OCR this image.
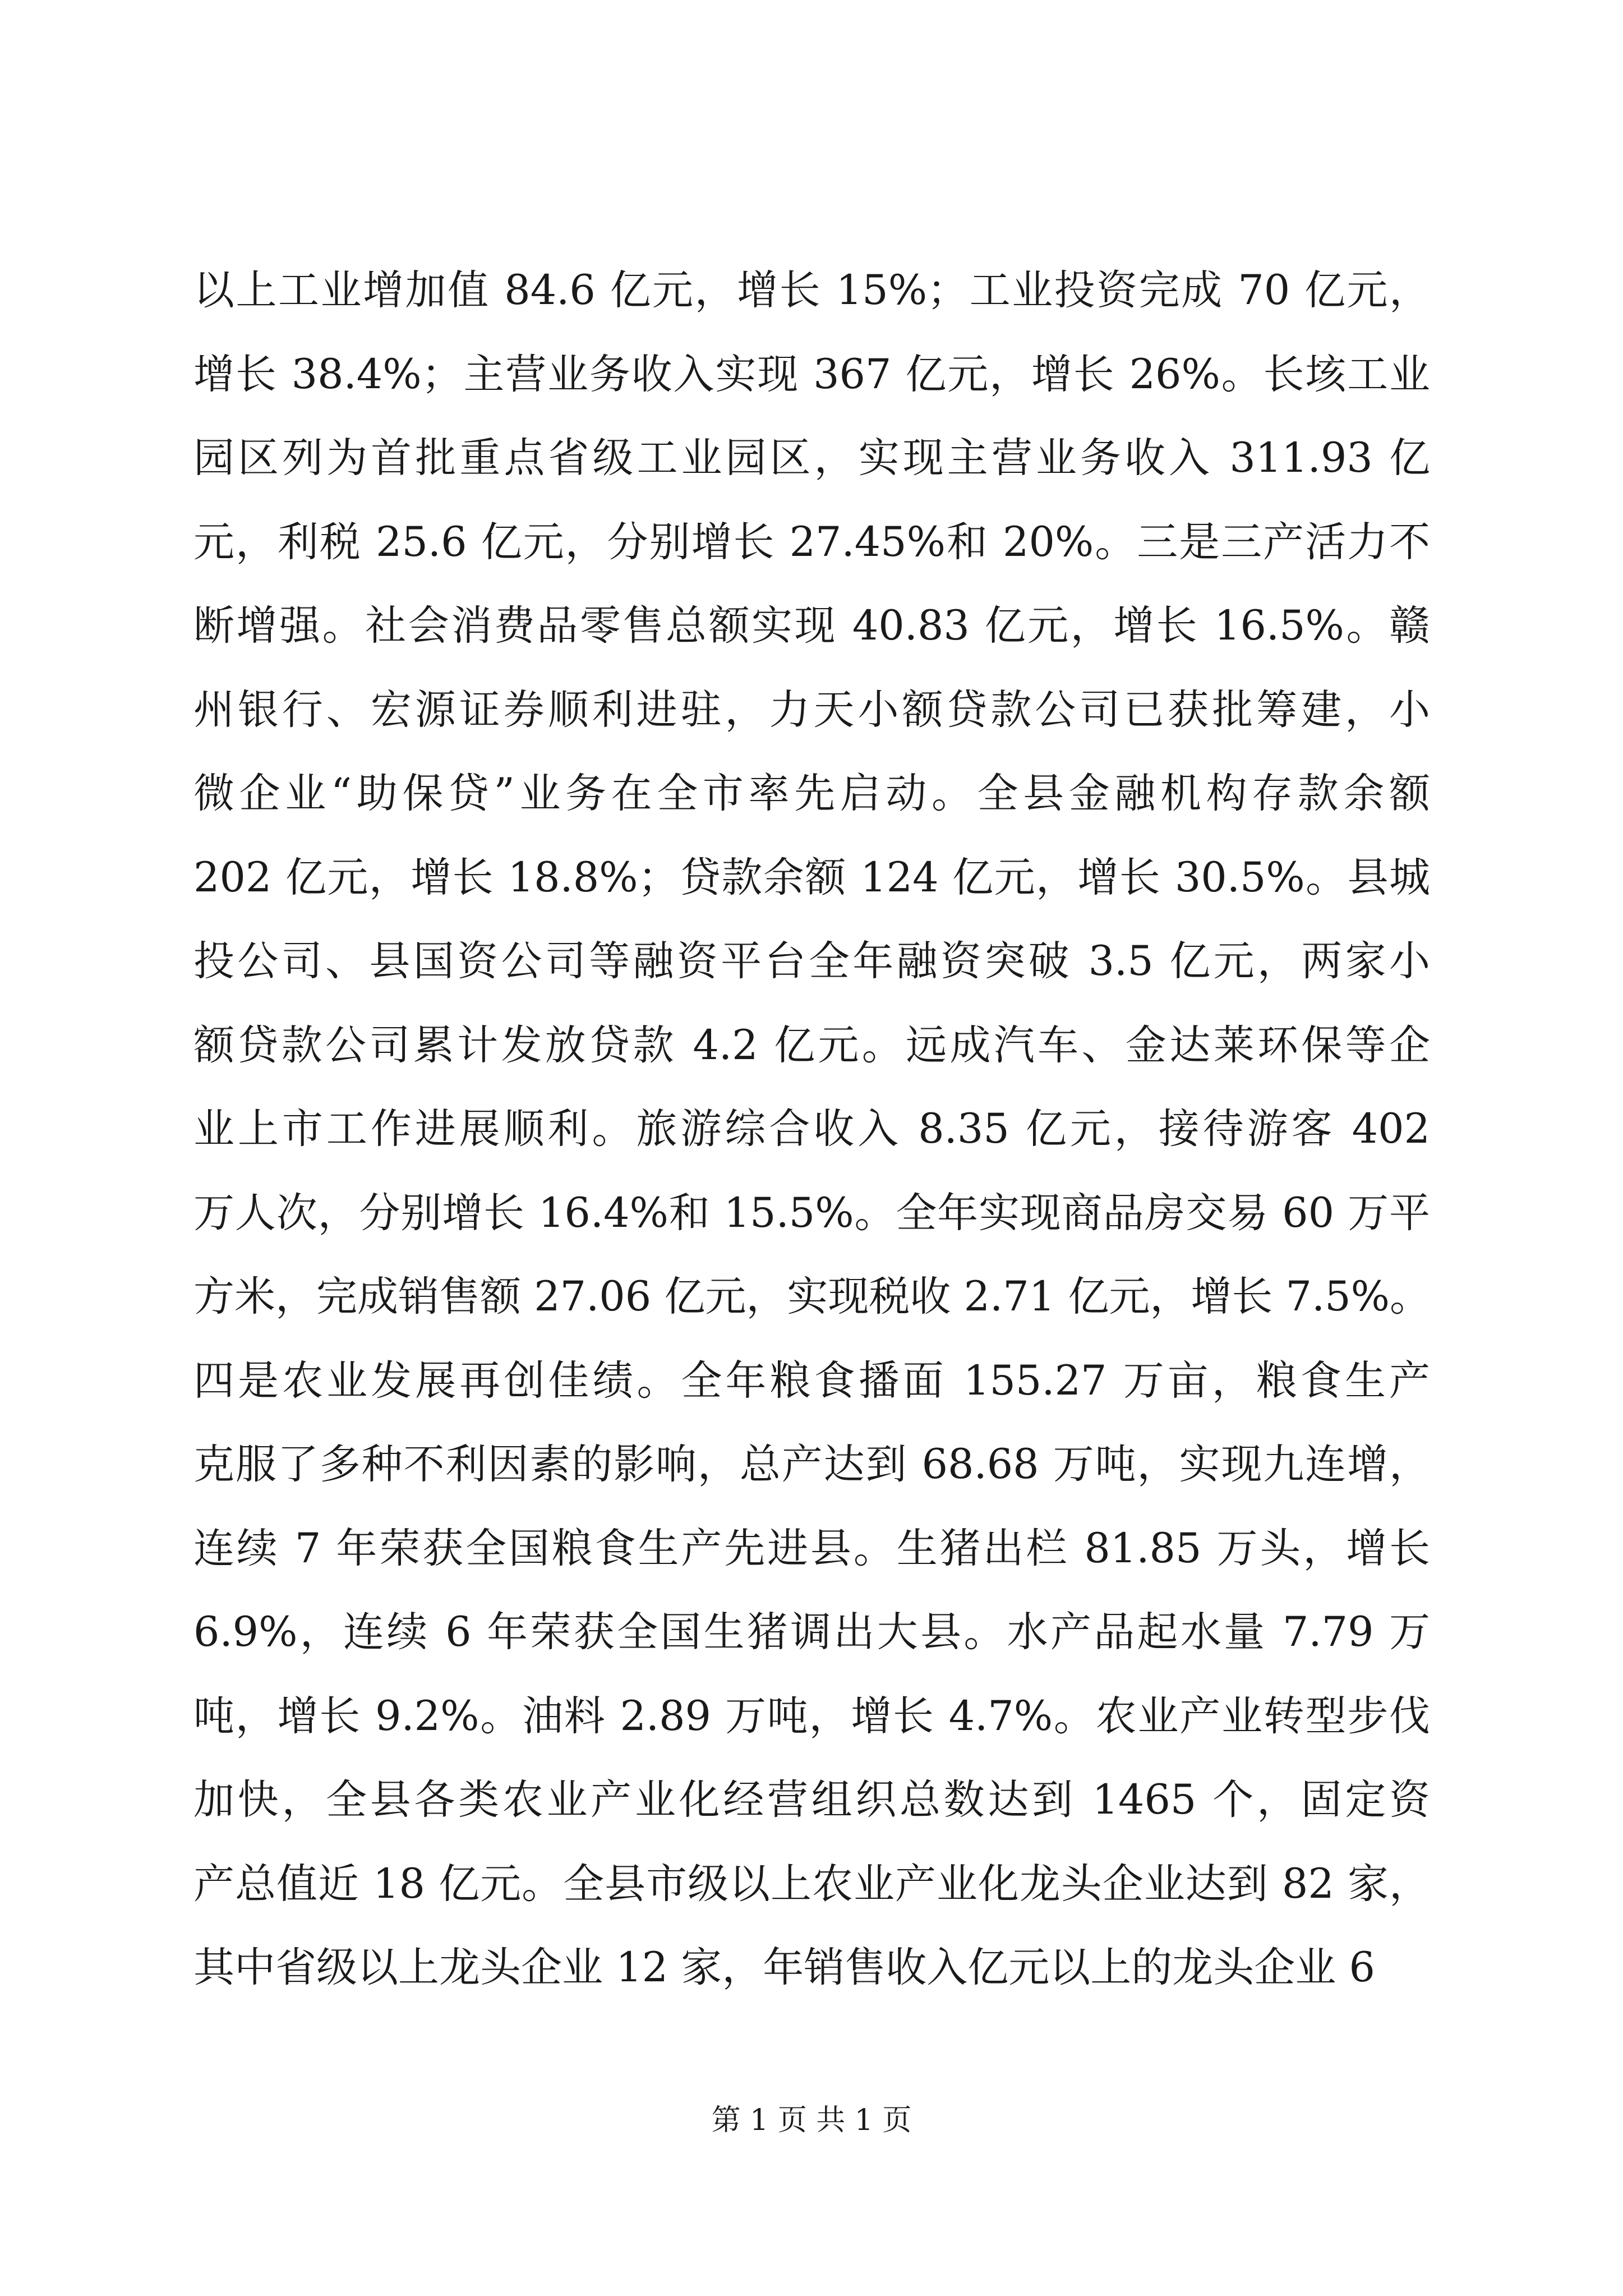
以上工业增加值 84.6 亿元，增长 15%；工业投资完成 70 亿元，
增长 38.4%；主营业务收入实现 367 亿元，增长 26%。长垓工业
园区列为首批重点省级工业园区，实现主营业务收入 311.93 亿
元，利税 25.6 亿元，分别增长 27.45%和 20%。三是三产活力不
断增强。社会消费品零售总额实现 40.83 亿元，增长 16.5%。赣
州银行、宏源证券顺利进驻，力天小额贷款公司已获批筹建，小
微企业“助保贷”业务在全市率先启动。全县金融机构存款余额
202 亿元，增长 18.8%；贷款余额 124 亿元，增长 30.5%。县城
投公司、县国资公司等融资平台全年融资突破 3.5 亿元，两家小
额贷款公司累计发放贷款 4.2 亿元。远成汽车、金达莱环保等企
业上市工作进展顺利。旅游综合收入 8.35 亿元，接待游客 402
万人次，分别增长 16.4%和 15.5%。全年实现商品房交易 60 万平
方米，完成销售额 27.06 亿元，实现税收 2.71 亿元，增长 7.5%。
四是农业发展再创佳绩。全年粮食播面 155.27 万亩，粮食生产
克服了多种不利因素的影响，总产达到 68.68 万吨，实现九连增，
连续 7 年荣获全国粮食生产先进县。生猪出栏 81.85 万头，增长
6.9%，连续 6 年荣获全国生猪调出大县。水产品起水量 7.79 万
吨，增长 9.2%。油料 2.89 万吨，增长 4.7%。农业产业转型步伐
加快，全县各类农业产业化经营组织总数达到 1465 个，固定资
产总值近 18 亿元。全县市级以上农业产业化龙头企业达到 82 家，
其中省级以上龙头企业 12 家，年销售收入亿元以上的龙头企业 6
第 1 页 共 1 页
